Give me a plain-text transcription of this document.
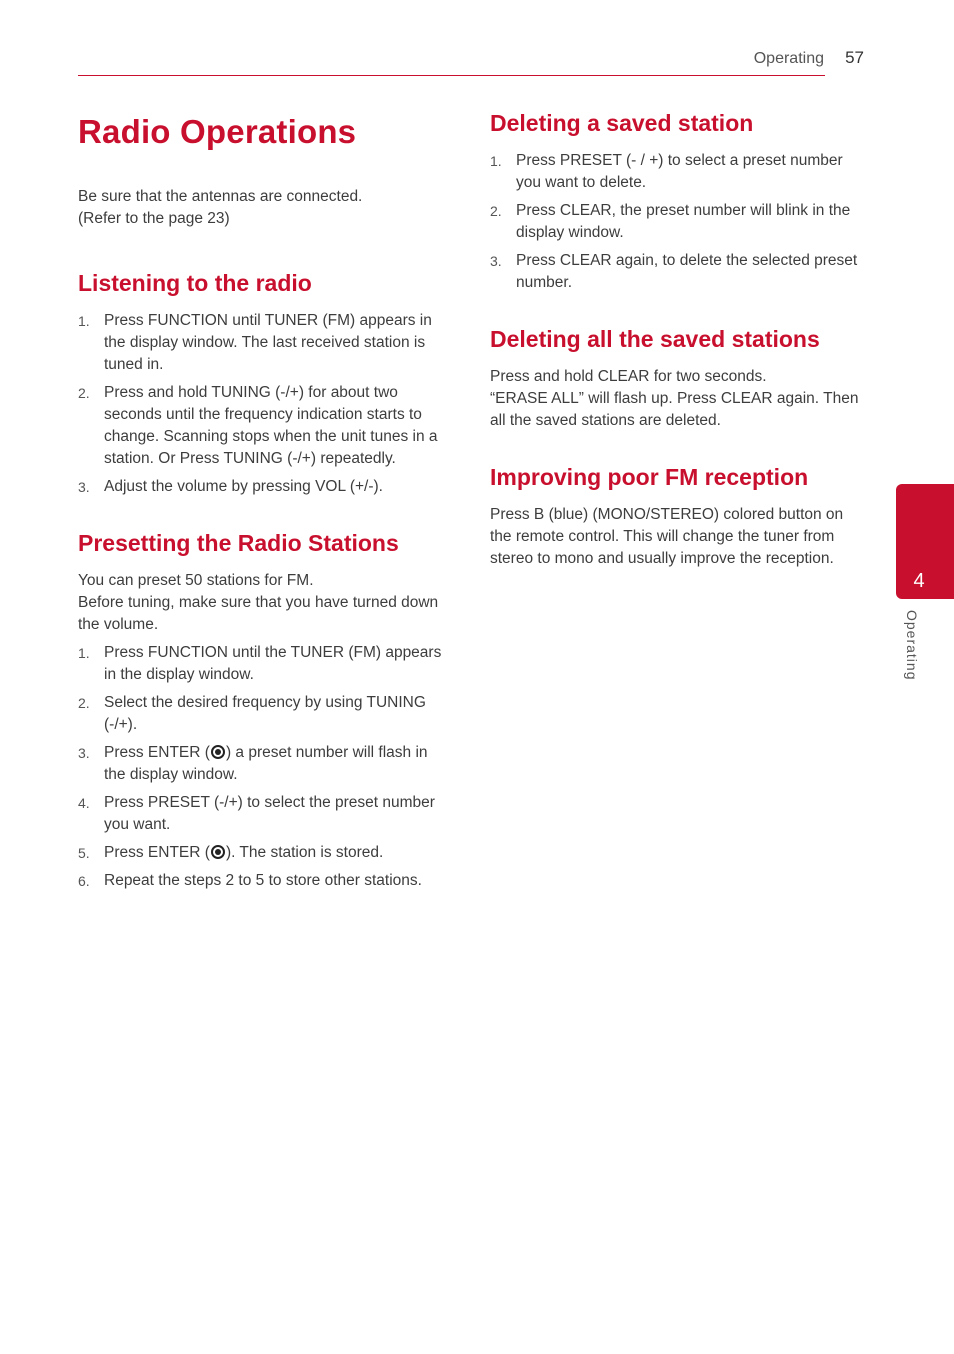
Operating 57
Radio Operations

Be sure that the antennas are connected.

(Refer to the page 23)

Listening to the radio
1. Press FUNCTION until TUNER (FM) appears in the display window. The last received station is tuned in.
2. Press and hold TUNING (-/+) for about two seconds until the frequency indication starts to change. Scanning stops when the unit tunes in a station. Or Press TUNING (-/+) repeatedly.
3. Adjust the volume by pressing VOL (+/-).
Presetting the Radio Stations

You can preset 50 stations for FM.

Before tuning, make sure that you have turned down the volume.

1. Press FUNCTION until the TUNER (FM) appears in the display window.
2. Select the desired frequency by using TUNING (-/+).
3. Press ENTER ( ) a preset number will flash in the display window.
4. Press PRESET (-/+) to select the preset number you want.
5. Press ENTER ( ). The station is stored.
6. Repeat the steps 2 to 5 to store other stations.
Deleting a saved station
1. Press PRESET (- / +) to select a preset number you want to delete.
2. Press CLEAR, the preset number will blink in the display window.
3. Press CLEAR again, to delete the selected preset number.
Deleting all the saved stations

Press and hold CLEAR for two seconds.

“ERASE ALL” will flash up. Press CLEAR again. Then all the saved stations are deleted.

Improving poor FM reception

Press B (blue) (MONO/STEREO) colored button on the remote control. This will change the tuner from stereo to mono and usually improve the reception.

4
Operating
